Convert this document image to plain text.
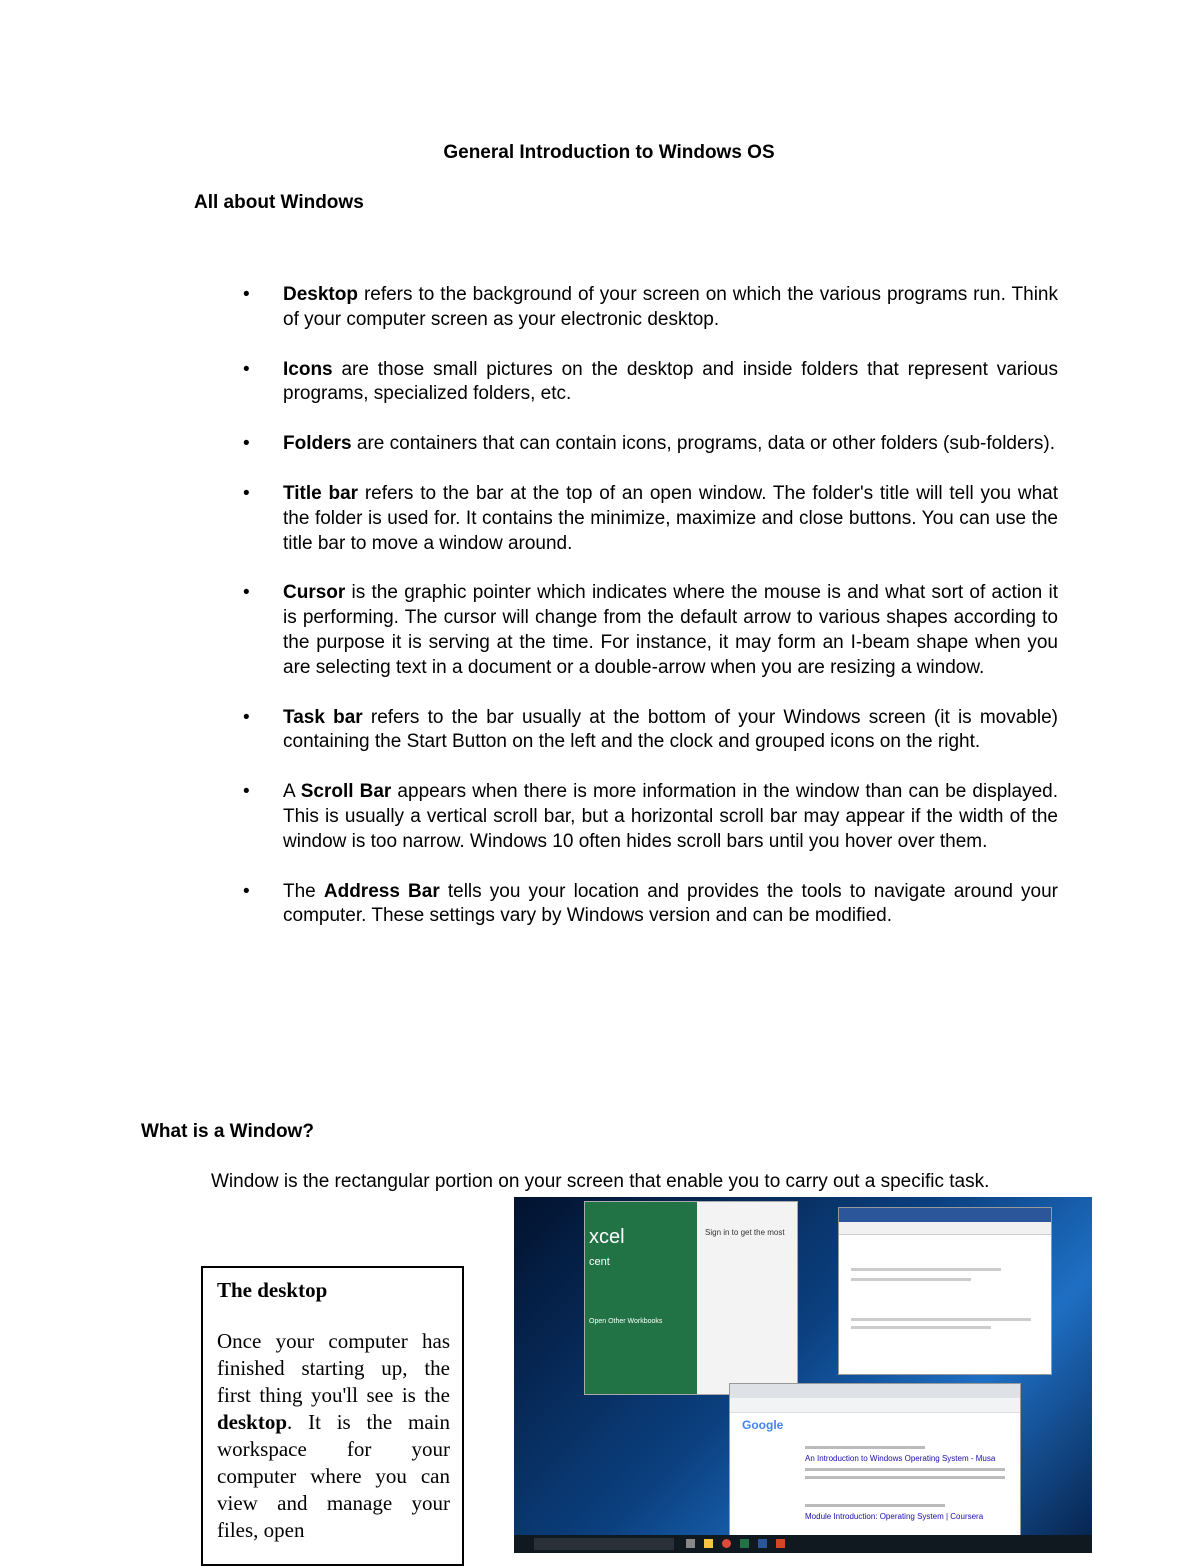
General Introduction to Windows OS
All about Windows
• Desktop refers to the background of your screen on which the various programs run. Think of your computer screen as your electronic desktop.
• Icons are those small pictures on the desktop and inside folders that represent various programs, specialized folders, etc.
• Folders are containers that can contain icons, programs, data or other folders (sub-folders).
• Title bar refers to the bar at the top of an open window. The folder's title will tell you what the folder is used for. It contains the minimize, maximize and close buttons. You can use the title bar to move a window around.
• Cursor is the graphic pointer which indicates where the mouse is and what sort of action it is performing. The cursor will change from the default arrow to various shapes according to the purpose it is serving at the time. For instance, it may form an I-beam shape when you are selecting text in a document or a double-arrow when you are resizing a window.
• Task bar refers to the bar usually at the bottom of your Windows screen (it is movable) containing the Start Button on the left and the clock and grouped icons on the right.
• A Scroll Bar appears when there is more information in the window than can be displayed. This is usually a vertical scroll bar, but a horizontal scroll bar may appear if the width of the window is too narrow. Windows 10 often hides scroll bars until you hover over them.
• The Address Bar tells you your location and provides the tools to navigate around your computer. These settings vary by Windows version and can be modified.
What is a Window?
Window is the rectangular portion on your screen that enable you to carry out a specific task.
The desktop

Once your computer has finished starting up, the first thing you'll see is the desktop. It is the main workspace for your computer where you can view and manage your files, open

xcel
cent
Open Other Workbooks
Sign in to get the most
Google
An Introduction to Windows Operating System - Musa
Module Introduction: Operating System | Coursera
